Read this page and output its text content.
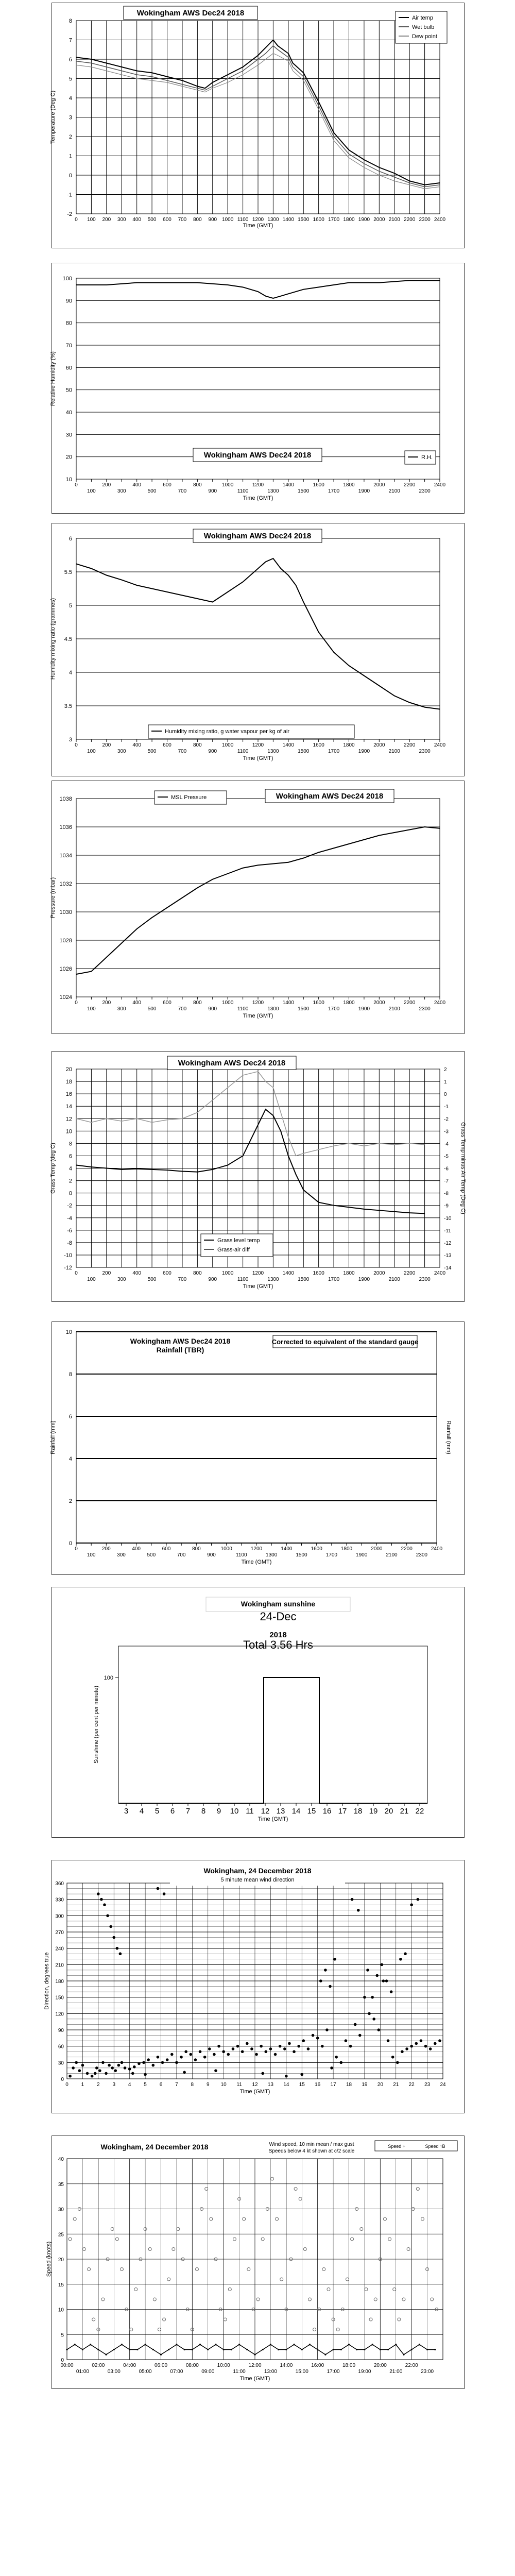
-2
-1
0
1
2
3
4
5
6
7
8
0 100 200 300 400 500 600 700 800 900 1000 1100 1200 1300 1400 1500 1600 1700 1800 1900 2000 2100 2200 2300 2400
Time (GMT)
Temperature (Deg C)
Wokingham AWS Dec24 2018
Air temp
Wet bulb
Dew point
10
20
30
40
50
60
70
80
90
100
0
100
200
300
400
500
600
700
800
900
1000
1100
1200
1300
1400
1500
1600
1700
1800
1900
2000
2100
2200
2300
2400
Time (GMT)
Relative Humidity (%)
Wokingham AWS Dec24 2018	R.H.
3
3.5
4
4.5
5
5.5
6
0
100
200
300
400
500
600
700
800
900
1000
1100
1200
1300
1400
1500
1600
1700
1800
1900
2000
2100
2200
2300
2400
Time (GMT)
Humidity mixing ratio (grammes)
Wokingham AWS Dec24 2018
Humidity mixing ratio, g water vapour per kg of air
1024
1026
1028
1030
1032
1034
1036
1038
0
100
200
300
400
500
600
700
800
900
1000
1100
1200
1300
1400
1500
1600
1700
1800
1900
2000
2100
2200
2300
2400
Time (GMT)
Pressure (mbar)
Wokingham AWS Dec24 2018
MSL Pressure
-12
-10
-8
-6
-4
-2
0
2
4
6
8
10
12
14
16
18
20
0
100
200
300
400
500
600
700
800
900
1000
1100
1200
1300
1400
1500
1600
1700
1800
1900
2000
2100
2200
2300
2400
Time (GMT)
Grass Temp (deg C)
-14
-13
-12
-11
-10
-9
-8
-7
-6
-5
-4
-3
-2
-1
0
1
2
Grass Temp minus Air Temp (Deg C)
Wokingham AWS Dec24 2018
Grass level temp
Grass-air diff
0
2
4
6
8
10
0
100
200
300
400
500
600
700
800
900
1000
1100
1200
1300
1400
1500
1600
1700
1800
1900
2000
2100
2200
2300
2400
Time (GMT)
Rainfall (mm)	Rainfall (mm)
Wokingham AWS Dec24 2018
Rainfall (TBR)
Corrected to equivalent of the standard gauge
Wokingham sunshine
24-Dec
2018
Total 3.56 Hrs
100
3 4 5 6 7 8 9 10 11 12 13 14 15 16 17 18 19 20 21 22
Time (GMT)
Sunshine (per cent per minute)
0
30
60
90
120
150
180
210
240
270
300
330
360
0 1 2 3 4 5 6 7 8 9 10 11 12 13 14 15 16 17 18 19 20 21 22 23 24
Wokingham, 24 December 2018
5 minute mean wind direction
Time (GMT)
Direction, degrees true
0
5
10
15
20
25
30
35
40
00:00	02:00	04:00	06:00	08:00	10:00	12:00	14:00	16:00	18:00	20:00	22:00
01:00	03:00	05:00	07:00	09:00	11:00	13:00	15:00	17:00	19:00	21:00	23:00
Wokingham, 24 December 2018	Wind speed, 10 min mean / max gust
Speeds below 4 kt shown at c/2 scale
Speed ÷	Speed ↑B
Time (GMT)
Speed (knots)
